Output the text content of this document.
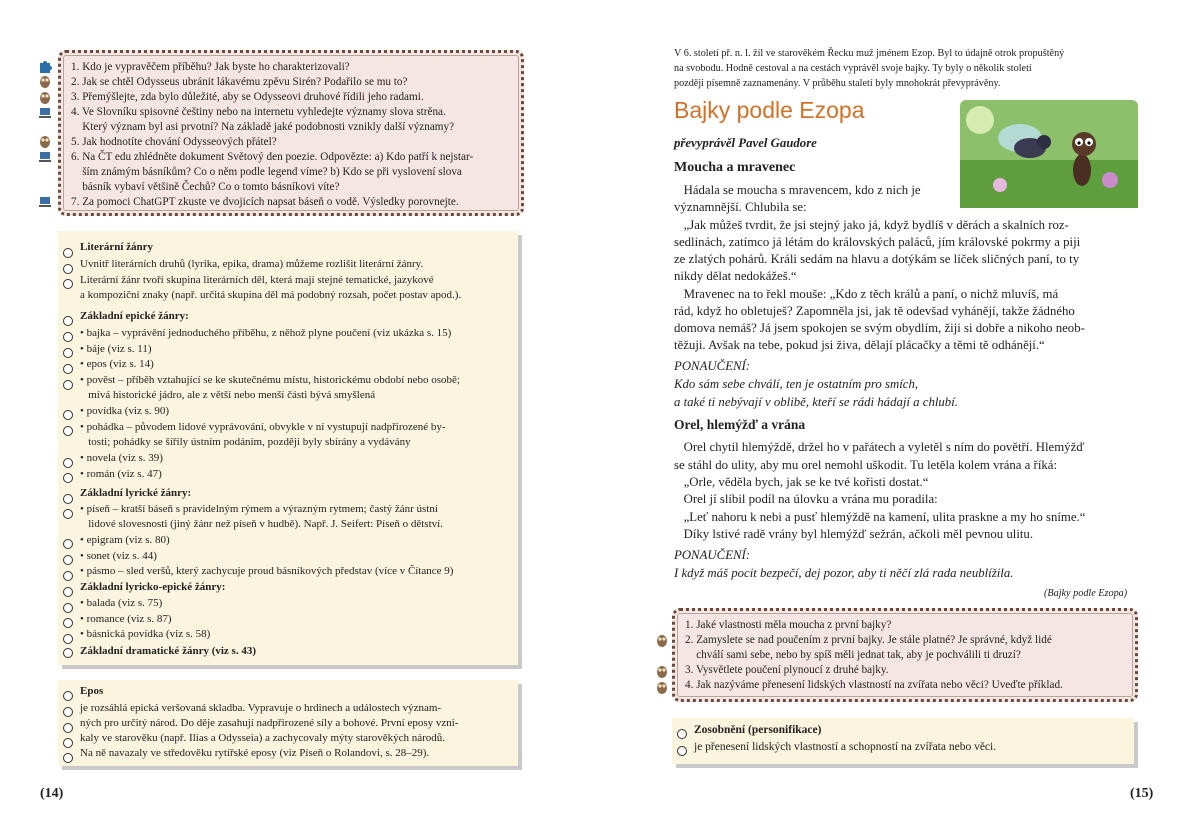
1. Kdo je vypravěčem příběhu? Jak byste ho charakterizovali?
2. Jak se chtěl Odysseus ubránit lákavému zpěvu Sirén? Podařilo se mu to?
3. Přemýšlejte, zda bylo důležité, aby se Odysseovi druhové řídili jeho radami.
4. Ve Slovníku spisovné češtiny nebo na internetu vyhledejte významy slova strěna.
Který význam byl asi prvotní? Na základě jaké podobnosti vznikly další významy?
5. Jak hodnotíte chování Odysseových přátel?
6. Na ČT edu zhlédněte dokument Světový den poezie. Odpovězte: a) Kdo patří k nejstar-
ším známým básníkům? Co o něm podle legend víme? b) Kdo se při vyslovení slova
básník vybaví většině Čechů? Co o tomto básníkovi víte?
7. Za pomoci ChatGPT zkuste ve dvojicích napsat báseň o vodě. Výsledky porovnejte.
Literární žánry
Uvnitř literárních druhů (lyrika, epika, drama) můžeme rozlišit literární žánry.
Literární žánr tvoří skupina literárních děl, která mají stejné tematické, jazykové
a kompoziční znaky (např. určitá skupina děl má podobný rozsah, počet postav apod.).
Základní epické žánry:
• bajka – vyprávění jednoduchého příběhu, z něhož plyne poučení (viz ukázka s. 15)
• báje (viz s. 11)
• epos (viz s. 14)
• pověst – příběh vztahující se ke skutečnému místu, historickému období nebo osobě;
mívá historické jádro, ale z větší nebo menší části bývá smyšlená
• povídka (viz s. 90)
• pohádka – původem lidové vyprávování, obvykle v ní vystupují nadpřirozené by-
tosti; pohádky se šířily ústním podáním, později byly sbírány a vydávány
• novela (viz s. 39)
• román (viz s. 47)
Základní lyrické žánry:
• píseň – kratší báseň s pravidelným rýmem a výrazným rytmem; častý žánr ústní
lidové slovesnosti (jiný žánr než píseň v hudbě). Např. J. Seifert: Píseň o dětství.
• epigram (viz s. 80)
• sonet (viz s. 44)
• pásmo – sled veršů, který zachycuje proud básníkových představ (více v Čítance 9)
Základní lyricko-epické žánry:
• balada (viz s. 75)
• romance (viz s. 87)
• básnická povídka (viz s. 58)
Základní dramatické žánry (viz s. 43)
Epos
je rozsáhlá epická veršovaná skladba. Vypravuje o hrdinech a událostech význam-
ných pro určitý národ. Do děje zasahují nadpřirozené síly a bohové. První eposy vzni-
kaly ve starověku (např. Ilias a Odysseia) a zachycovaly mýty starověkých národů.
Na ně navazaly ve středověku rytířské eposy (viz Píseň o Rolandovi, s. 28–29).
(14)
V 6. století př. n. l. žil ve starověkém Řecku muž jménem Ezop. Byl to údajně otrok propuštěný
na svobodu. Hodně cestoval a na cestách vyprávěl svoje bajky. Ty byly o několik století
později písemně zaznamenány. V průběhu staletí byly mnohokrát převyprávěny.
Bajky podle Ezopa
převyprávěl Pavel Gaudore
Moucha a mravenec
Hádala se moucha s mravencem, kdo z nich je
významnější. Chlubila se:
„Jak můžeš tvrdit, že jsi stejný jako já, když bydlíš v děrách a skalních roz-
sedlinách, zatímco já létám do královských paláců, jím královské pokrmy a piji
ze zlatých pohárů. Králi sedám na hlavu a dotýkám se líček sličných paní, to ty
nikdy dělat nedokážeš.“
Mravenec na to řekl mouše: „Kdo z těch králů a paní, o nichž mluvíš, má
rád, když ho obletuješ? Zapomněla jsi, jak tě odevšad vyhánějí, takže žádného
domova nemáš? Já jsem spokojen se svým obydlím, žiji si dobře a nikoho neob-
těžuji. Avšak na tebe, pokud jsi živa, dělají plácačky a těmi tě odhánějí.“
PONAUČENÍ:
Kdo sám sebe chválí, ten je ostatním pro smích,
a také ti nebývají v oblibě, kteří se rádi hádají a chlubí.
Orel, hlemýžď a vrána
Orel chytil hlemýždě, držel ho v pařátech a vyletěl s ním do povětří. Hlemýžď
se stáhl do ulity, aby mu orel nemohl uškodit. Tu letěla kolem vrána a říká:
„Orle, věděla bych, jak se ke tvé kořisti dostat.“
Orel jí slíbil podíl na úlovku a vrána mu poradila:
„Leť nahoru k nebi a pusť hlemýždě na kamení, ulita praskne a my ho sníme.“
Díky lstivé radě vrány byl hlemýžď sežrán, ačkoli měl pevnou ulitu.
PONAUČENÍ:
I když máš pocit bezpečí, dej pozor, aby ti něčí zlá rada neublížila.
(Bajky podle Ezopa)
1. Jaké vlastnosti měla moucha z první bajky?
2. Zamyslete se nad poučením z první bajky. Je stále platné? Je správné, když lidé
chválí sami sebe, nebo by spíš měli jednat tak, aby je pochválili ti druzí?
3. Vysvětlete poučení plynoucí z druhé bajky.
4. Jak nazýváme přenesení lidských vlastností na zvířata nebo věci? Uveďte příklad.
Zosobnění (personifikace)
je přenesení lidských vlastností a schopností na zvířata nebo věci.
(15)
